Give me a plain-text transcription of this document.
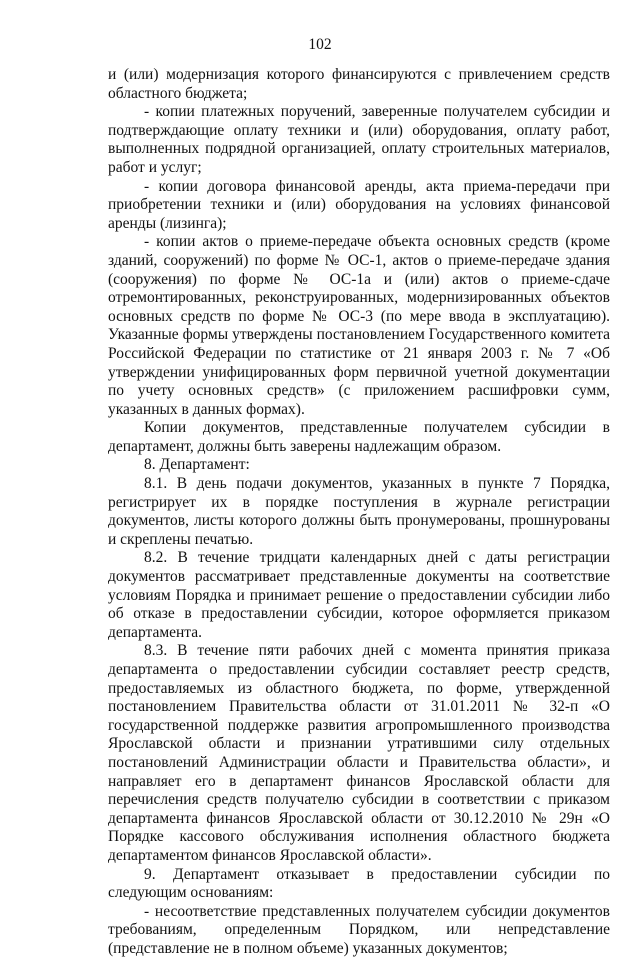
102

и (или) модернизация которого финансируются с привлечением средств областного бюджета;

- копии платежных поручений, заверенные получателем субсидии и подтверждающие оплату техники и (или) оборудования, оплату работ, выполненных подрядной организацией, оплату строительных материалов, работ и услуг;

- копии договора финансовой аренды, акта приема-передачи при приобретении техники и (или) оборудования на условиях финансовой аренды (лизинга);

- копии актов о приеме-передаче объекта основных средств (кроме зданий, сооружений) по форме № ОС-1, актов о приеме-передаче здания (сооружения) по форме № ОС-1а и (или) актов о приеме-сдаче отремонтированных, реконструированных, модернизированных объектов основных средств по форме № ОС-3 (по мере ввода в эксплуатацию). Указанные формы утверждены постановлением Государственного комитета Российской Федерации по статистике от 21 января 2003 г. № 7 «Об утверждении унифицированных форм первичной учетной документации по учету основных средств» (с приложением расшифровки сумм, указанных в данных формах).

Копии документов, представленные получателем субсидии в департамент, должны быть заверены надлежащим образом.

8. Департамент:

8.1. В день подачи документов, указанных в пункте 7 Порядка, регистрирует их в порядке поступления в журнале регистрации документов, листы которого должны быть пронумерованы, прошнурованы и скреплены печатью.

8.2. В течение тридцати календарных дней с даты регистрации документов рассматривает представленные документы на соответствие условиям Порядка и принимает решение о предоставлении субсидии либо об отказе в предоставлении субсидии, которое оформляется приказом департамента.

8.3. В течение пяти рабочих дней с момента принятия приказа департамента о предоставлении субсидии составляет реестр средств, предоставляемых из областного бюджета, по форме, утвержденной постановлением Правительства области от 31.01.2011 № 32-п «О государственной поддержке развития агропромышленного производства Ярославской области и признании утратившими силу отдельных постановлений Администрации области и Правительства области», и направляет его в департамент финансов Ярославской области для перечисления средств получателю субсидии в соответствии с приказом департамента финансов Ярославской области от 30.12.2010 № 29н «О Порядке кассового обслуживания исполнения областного бюджета департаментом финансов Ярославской области».

9. Департамент отказывает в предоставлении субсидии по следующим основаниям:

- несоответствие представленных получателем субсидии документов требованиям, определенным Порядком, или непредставление (представление не в полном объеме) указанных документов;
